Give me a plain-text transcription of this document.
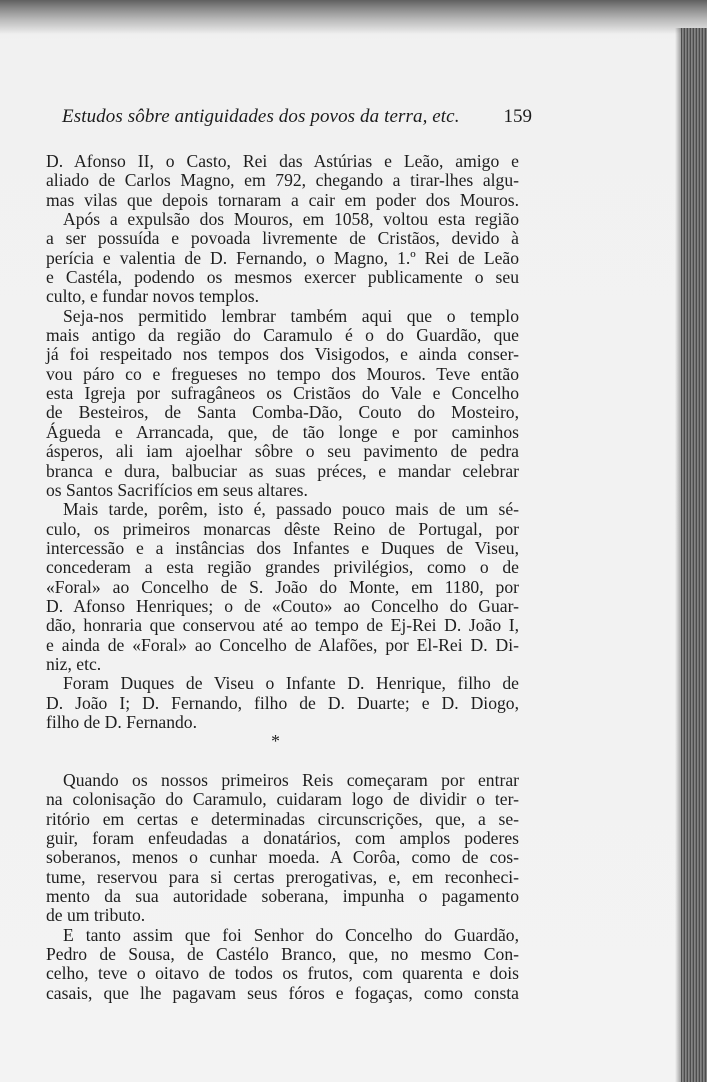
Estudos sôbre antiguidades dos povos da terra, etc. 159
D. Afonso II, o Casto, Rei das Astúrias e Leão, amigo e
aliado de Carlos Magno, em 792, chegando a tirar-lhes algu-
mas vilas que depois tornaram a cair em poder dos Mouros.
Após a expulsão dos Mouros, em 1058, voltou esta região
a ser possuída e povoada livremente de Cristãos, devido à
perícia e valentia de D. Fernando, o Magno, 1.º Rei de Leão
e Castéla, podendo os mesmos exercer publicamente o seu
culto, e fundar novos templos.
Seja-nos permitido lembrar também aqui que o templo
mais antigo da região do Caramulo é o do Guardão, que
já foi respeitado nos tempos dos Visigodos, e ainda conser-
vou páro co e fregueses no tempo dos Mouros. Teve então
esta Igreja por sufragâneos os Cristãos do Vale e Concelho
de Besteiros, de Santa Comba-Dão, Couto do Mosteiro,
Águeda e Arrancada, que, de tão longe e por caminhos
ásperos, ali iam ajoelhar sôbre o seu pavimento de pedra
branca e dura, balbuciar as suas préces, e mandar celebrar
os Santos Sacrifícios em seus altares.
Mais tarde, porêm, isto é, passado pouco mais de um sé-
culo, os primeiros monarcas dêste Reino de Portugal, por
intercessão e a instâncias dos Infantes e Duques de Viseu,
concederam a esta região grandes privilégios, como o de
«Foral» ao Concelho de S. João do Monte, em 1180, por
D. Afonso Henriques; o de «Couto» ao Concelho do Guar-
dão, honraria que conservou até ao tempo de Ej-Rei D. João I,
e ainda de «Foral» ao Concelho de Alafões, por El-Rei D. Di-
niz, etc.
Foram Duques de Viseu o Infante D. Henrique, filho de
D. João I; D. Fernando, filho de D. Duarte; e D. Diogo,
filho de D. Fernando.
*
Quando os nossos primeiros Reis começaram por entrar
na colonisação do Caramulo, cuidaram logo de dividir o ter-
ritório em certas e determinadas circunscrições, que, a se-
guir, foram enfeudadas a donatários, com amplos poderes
soberanos, menos o cunhar moeda. A Corôa, como de cos-
tume, reservou para si certas prerogativas, e, em reconheci-
mento da sua autoridade soberana, impunha o pagamento
de um tributo.
E tanto assim que foi Senhor do Concelho do Guardão,
Pedro de Sousa, de Castélo Branco, que, no mesmo Con-
celho, teve o oitavo de todos os frutos, com quarenta e dois
casais, que lhe pagavam seus fóros e fogaças, como consta
